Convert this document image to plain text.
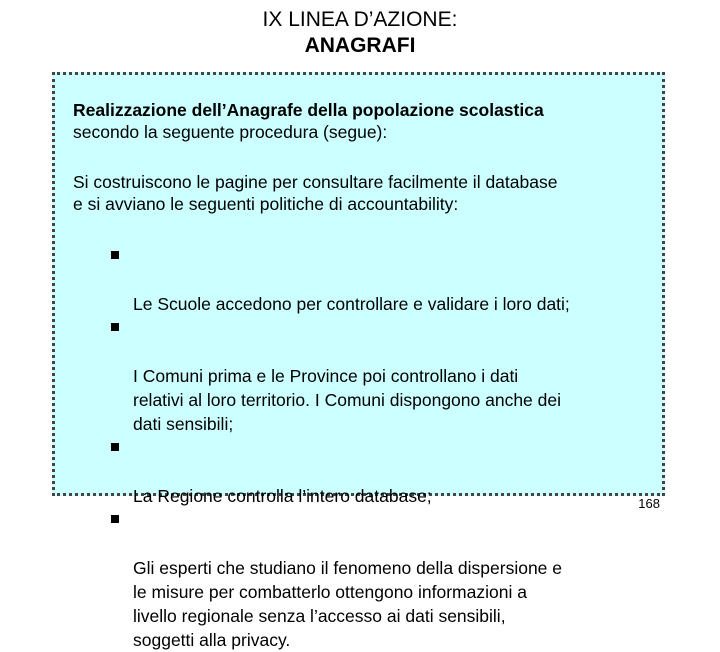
IX LINEA D’AZIONE:
ANAGRAFI
Realizzazione dell’Anagrafe della popolazione scolastica
secondo la seguente procedura (segue):
Si costruiscono le pagine per consultare facilmente il database
e si avviano le seguenti politiche di accountability:

Le Scuole accedono per controllare e validare i loro dati;

I Comuni prima e le Province poi controllano i dati
relativi al loro territorio. I Comuni dispongono anche dei
dati sensibili;

La Regione controlla l’intero database;

Gli esperti che studiano il fenomeno della dispersione e
le misure per combatterlo ottengono informazioni a
livello regionale senza l’accesso ai dati sensibili,
soggetti alla privacy.

168
